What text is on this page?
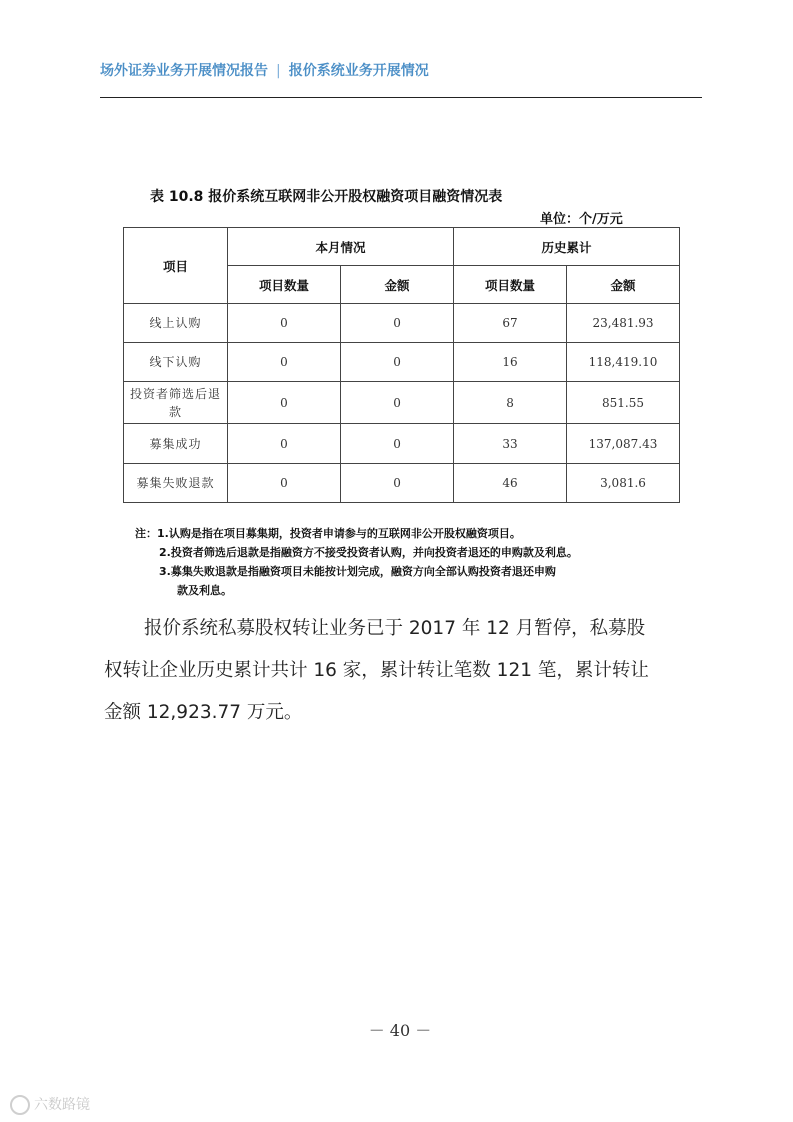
场外证券业务开展情况报告 | 报价系统业务开展情况
表 10.8 报价系统互联网非公开股权融资项目融资情况表
单位：个/万元
项目	本月情况		历史累计	
	项目数量	金额	项目数量	金额
线上认购	0	0	67	23,481.93
线下认购	0	0	16	118,419.10
投资者筛选后退款	0	0	8	851.55
募集成功	0	0	33	137,087.43
募集失败退款	0	0	46	3,081.6
注：1.认购是指在项目募集期，投资者申请参与的互联网非公开股权融资项目。
2.投资者筛选后退款是指融资方不接受投资者认购，并向投资者退还的申购款及利息。
3.募集失败退款是指融资项目未能按计划完成，融资方向全部认购投资者退还申购
款及利息。
报价系统私募股权转让业务已于 2017 年 12 月暂停，私募股
权转让企业历史累计共计 16 家，累计转让笔数 121 笔，累计转让
金额 12,923.77 万元。
－ 40 －
六数路镜
